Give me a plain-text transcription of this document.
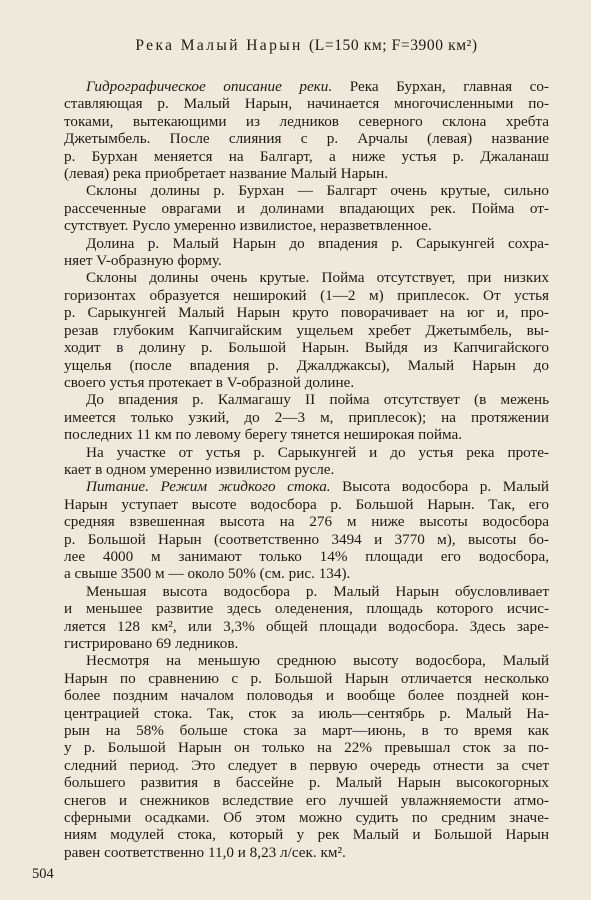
Река Малый Нарын (L=150 км; F=3900 км²)
Гидрографическое описание реки. Река Бурхан, главная со-
ставляющая р. Малый Нарын, начинается многочисленными по-
токами, вытекающими из ледников северного склона хребта
Джетымбель. После слияния с р. Арчалы (левая) название
р. Бурхан меняется на Балгарт, а ниже устья р. Джаланаш
(левая) река приобретает название Малый Нарын.
Склоны долины р. Бурхан — Балгарт очень крутые, сильно
рассеченные оврагами и долинами впадающих рек. Пойма от-
сутствует. Русло умеренно извилистое, неразветвленное.
Долина р. Малый Нарын до впадения р. Сарыкунгей сохра-
няет V-образную форму.
Склоны долины очень крутые. Пойма отсутствует, при низких
горизонтах образуется неширокий (1—2 м) приплесок. От устья
р. Сарыкунгей Малый Нарын круто поворачивает на юг и, про-
резав глубоким Капчигайским ущельем хребет Джетымбель, вы-
ходит в долину р. Большой Нарын. Выйдя из Капчигайского
ущелья (после впадения р. Джалджаксы), Малый Нарын до
своего устья протекает в V-образной долине.
До впадения р. Калмагашу II пойма отсутствует (в межень
имеется только узкий, до 2—3 м, приплесок); на протяжении
последних 11 км по левому берегу тянется неширокая пойма.
На участке от устья р. Сарыкунгей и до устья река протe-
кает в одном умеренно извилистом русле.
Питание. Режим жидкого стока. Высота водосбора р. Малый
Нарын уступает высоте водосбора р. Большой Нарын. Так, его
средняя взвешенная высота на 276 м ниже высоты водосбора
р. Большой Нарын (соответственно 3494 и 3770 м), высоты бо-
лее 4000 м занимают только 14% площади его водосбора,
а свыше 3500 м — около 50% (см. рис. 134).
Меньшая высота водосбора р. Малый Нарын обусловливает
и меньшее развитие здесь оледенения, площадь которого исчис-
ляется 128 км², или 3,3% общей площади водосбора. Здесь заре-
гистрировано 69 ледников.
Несмотря на меньшую среднюю высоту водосбора, Малый
Нарын по сравнению с р. Большой Нарын отличается несколько
более поздним началом половодья и вообще более поздней кон-
центрацией стока. Так, сток за июль—сентябрь р. Малый На-
рын на 58% больше стока за март—июнь, в то время как
у р. Большой Нарын он только на 22% превышал сток за по-
следний период. Это следует в первую очередь отнести за счет
большего развития в бассейне р. Малый Нарын высокогорных
снегов и снежников вследствие его лучшей увлажняемости атмо-
сферными осадками. Об этом можно судить по средним значе-
ниям модулей стока, который у рек Малый и Большой Нарын
равен соответственно 11,0 и 8,23 л/сек. км².
504
